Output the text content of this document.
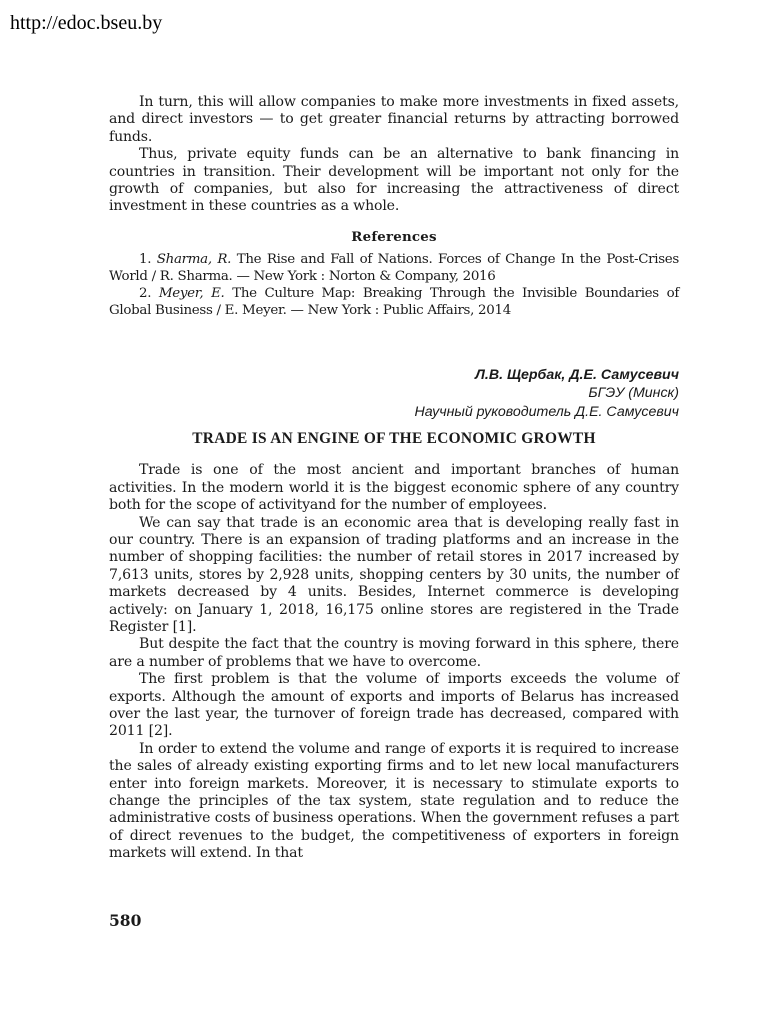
http://edoc.bseu.by

In turn, this will allow companies to make more investments in fixed assets, and direct investors — to get greater financial returns by attracting borrowed funds.

Thus, private equity funds can be an alternative to bank financing in countries in transition. Their development will be important not only for the growth of companies, but also for increasing the attractiveness of direct investment in these countries as a whole.

References

1. Sharma, R. The Rise and Fall of Nations. Forces of Change In the Post-Crises World / R. Sharma. — New York : Norton & Company, 2016

2. Meyer, E. The Culture Map: Breaking Through the Invisible Boundaries of Global Business / E. Meyer. — New York : Public Affairs, 2014

Л.В. Щербак, Д.Е. Самусевич
БГЭУ (Минск)
Научный руководитель Д.Е. Самусевич
TRADE IS AN ENGINE OF THE ECONOMIC GROWTH

Trade is one of the most ancient and important branches of human activities. In the modern world it is the biggest economic sphere of any country both for the scope of activityand for the number of employees.

We can say that trade is an economic area that is developing really fast in our country. There is an expansion of trading platforms and an increase in the number of shopping facilities: the number of retail stores in 2017 increased by 7,613 units, stores by 2,928 units, shopping centers by 30 units, the number of markets decreased by 4 units. Besides, Internet commerce is developing actively: on January 1, 2018, 16,175 online stores are registered in the Trade Register [1].

But despite the fact that the country is moving forward in this sphere, there are a number of problems that we have to overcome.

The first problem is that the volume of imports exceeds the volume of exports. Although the amount of exports and imports of Belarus has increased over the last year, the turnover of foreign trade has decreased, compared with 2011 [2].

In order to extend the volume and range of exports it is required to increase the sales of already existing exporting firms and to let new local manufacturers enter into foreign markets. Moreover, it is necessary to stimulate exports to change the principles of the tax system, state regulation and to reduce the administrative costs of business operations. When the government refuses a part of direct revenues to the budget, the competitiveness of exporters in foreign markets will extend. In that

580
